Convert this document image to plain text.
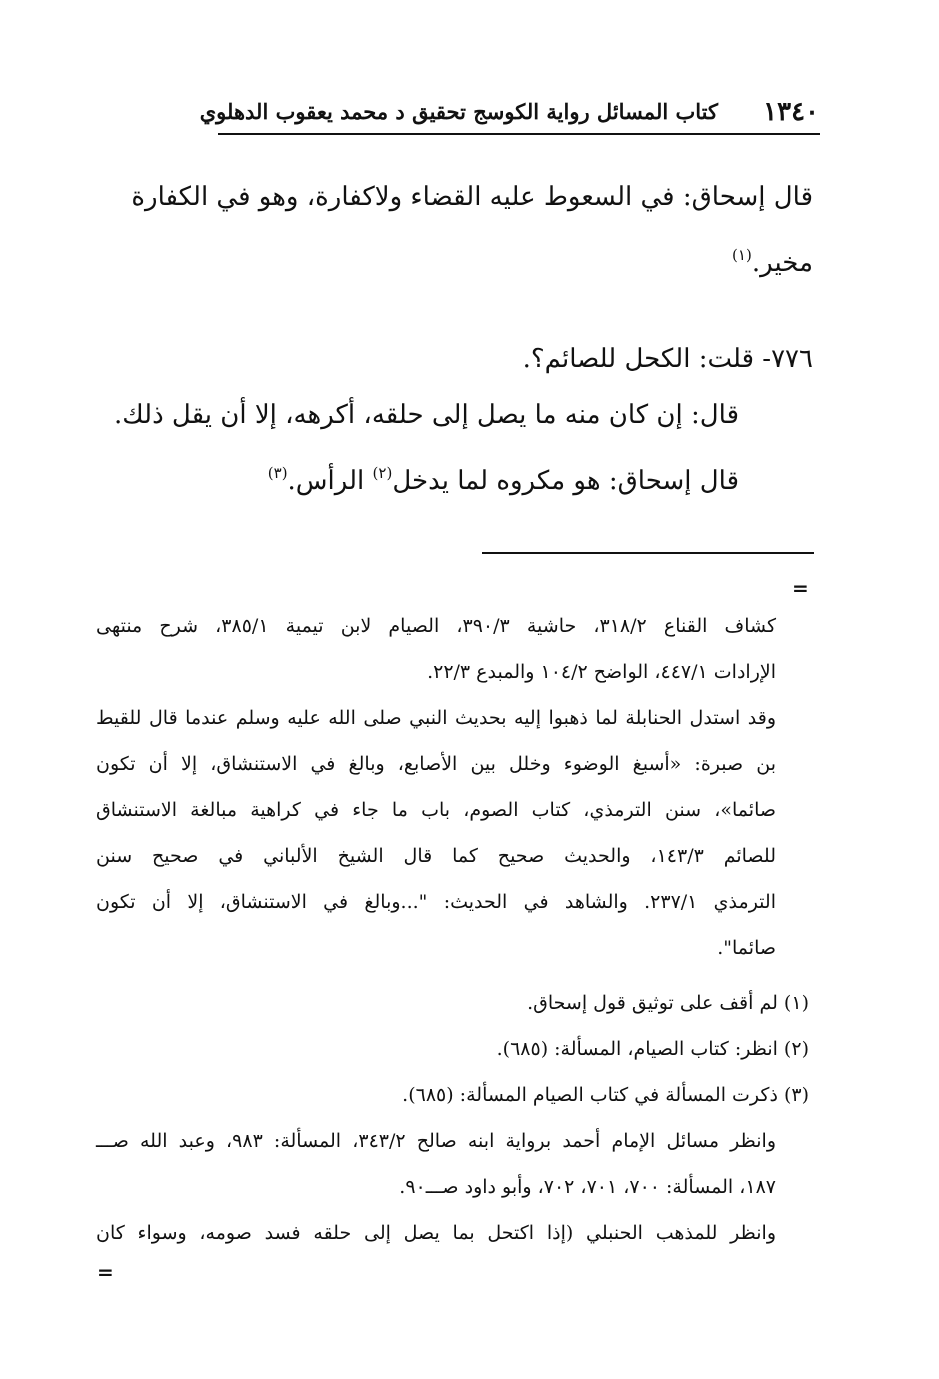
١٣٤٠
كتاب المسائل رواية الكوسج تحقيق د محمد يعقوب الدهلوي
قال إسحاق: في السعوط عليه القضاء ولاكفارة، وهو في الكفارة
مخير.$^{(١)}$
٧٧٦- قلت: الكحل للصائم؟.
قال: إن كان منه ما يصل إلى حلقه، أكرهه، إلا أن يقل ذلك.
قال إسحاق: هو مكروه لما يدخل$^{(٢)}$ الرأس.$^{(٣)}$
=
كشاف القناع ٣١٨/٢، حاشية ٣٩٠/٣، الصيام لابن تيمية ٣٨٥/١، شرح منتهى
الإرادات ٤٤٧/١، الواضح ١٠٤/٢ والمبدع ٢٢/٣.
وقد استدل الحنابلة لما ذهبوا إليه بحديث النبي صلى الله عليه وسلم عندما قال للقيط
بن صبرة: «أسبغ الوضوء وخلل بين الأصابع، وبالغ في الاستنشاق، إلا أن تكون
صائما»، سنن الترمذي، كتاب الصوم، باب ما جاء في كراهية مبالغة الاستنشاق
للصائم ١٤٣/٣، والحديث صحيح كما قال الشيخ الألباني في صحيح سنن
الترمذي ٢٣٧/١. والشاهد في الحديث: "...وبالغ في الاستنشاق، إلا أن تكون
صائما".
(١) لم أقف على توثيق قول إسحاق.
(٢) انظر: كتاب الصيام، المسألة: (٦٨٥).
(٣) ذكرت المسألة في كتاب الصيام المسألة: (٦٨٥).
وانظر مسائل الإمام أحمد برواية ابنه صالح ٣٤٣/٢، المسألة: ٩٨٣، وعبد الله صـــ
١٨٧، المسألة: ٧٠٠، ٧٠١، ٧٠٢، وأبو داود صـــ٩٠.
وانظر للمذهب الحنبلي (إذا اكتحل بما يصل إلى حلقه فسد صومه، وسواء كان
=
